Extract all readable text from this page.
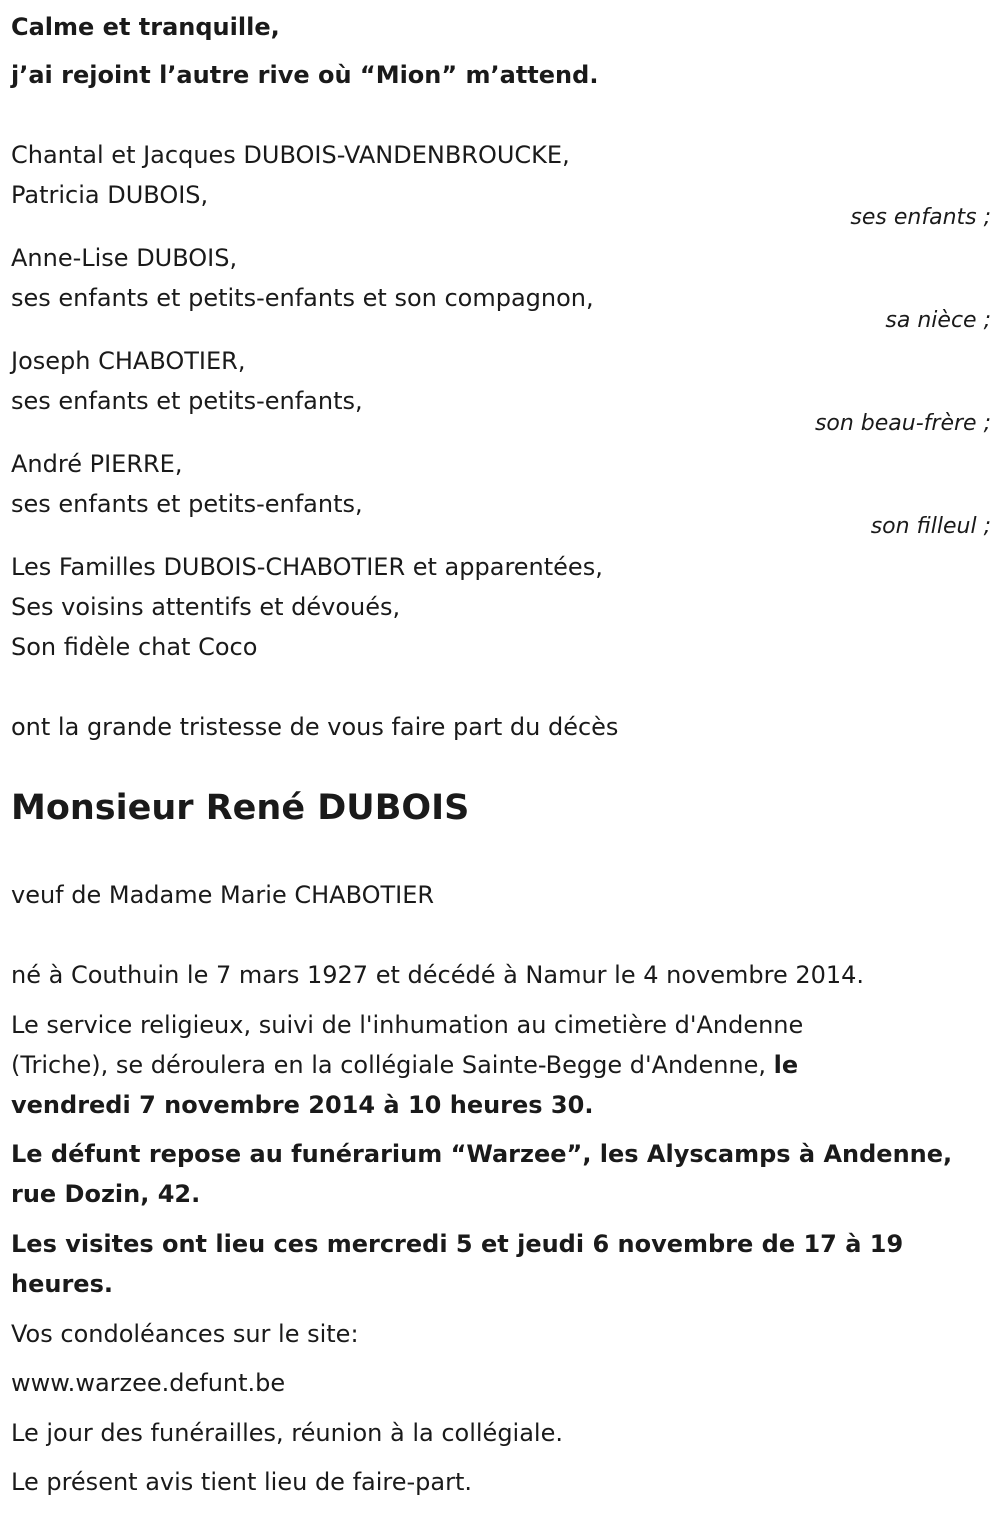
Calme et tranquille,
j’ai rejoint l’autre rive où “Mion” m’attend.
Chantal et Jacques DUBOIS-VANDENBROUCKE,
Patricia DUBOIS,
ses enfants ;
Anne-Lise DUBOIS,
ses enfants et petits-enfants et son compagnon,
sa nièce ;
Joseph CHABOTIER,
ses enfants et petits-enfants,
son beau-frère ;
André PIERRE,
ses enfants et petits-enfants,
son filleul ;
Les Familles DUBOIS-CHABOTIER et apparentées,
Ses voisins attentifs et dévoués,
Son fidèle chat Coco
ont la grande tristesse de vous faire part du décès
Monsieur René DUBOIS
veuf de Madame Marie CHABOTIER
né à Couthuin le 7 mars 1927 et décédé à Namur le 4 novembre 2014.
Le service religieux, suivi de l'inhumation au cimetière d'Andenne
(Triche), se déroulera en la collégiale Sainte-Begge d'Andenne, le
vendredi 7 novembre 2014 à 10 heures 30.
Le défunt repose au funérarium “Warzee”, les Alyscamps à Andenne,
rue Dozin, 42.
Les visites ont lieu ces mercredi 5 et jeudi 6 novembre de 17 à 19
heures.
Vos condoléances sur le site:
www.warzee.defunt.be
Le jour des funérailles, réunion à la collégiale.
Le présent avis tient lieu de faire-part.
